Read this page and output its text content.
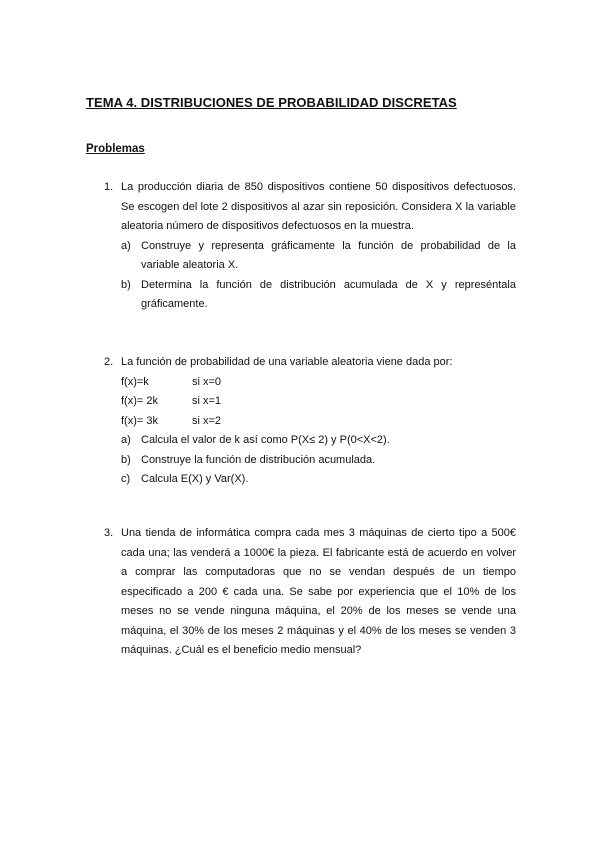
TEMA 4. DISTRIBUCIONES DE PROBABILIDAD DISCRETAS
Problemas
1. La producción diaria de 850 dispositivos contiene 50 dispositivos defectuosos. Se escogen del lote 2 dispositivos al azar sin reposición. Considera X la variable aleatoria número de dispositivos defectuosos en la muestra.
a) Construye y representa gráficamente la función de probabilidad de la variable aleatoria X.
b) Determina la función de distribución acumulada de X y represéntala gráficamente.
2. La función de probabilidad de una variable aleatoria viene dada por:
f(x)=k	si x=0
f(x)= 2k	si x=1
f(x)= 3k	si x=2
a) Calcula el valor de k así como P(X≤ 2) y P(0<X<2).
b) Construye la función de distribución acumulada.
c) Calcula E(X) y Var(X).
3. Una tienda de informática compra cada mes 3 máquinas de cierto tipo a 500€ cada una; las venderá a 1000€ la pieza. El fabricante está de acuerdo en volver a comprar las computadoras que no se vendan después de un tiempo especificado a 200 € cada una. Se sabe por experiencia que el 10% de los meses no se vende ninguna máquina, el 20% de los meses se vende una máquina, el 30% de los meses 2 máquinas y el 40% de los meses se venden 3 máquinas. ¿Cuál es el beneficio medio mensual?
